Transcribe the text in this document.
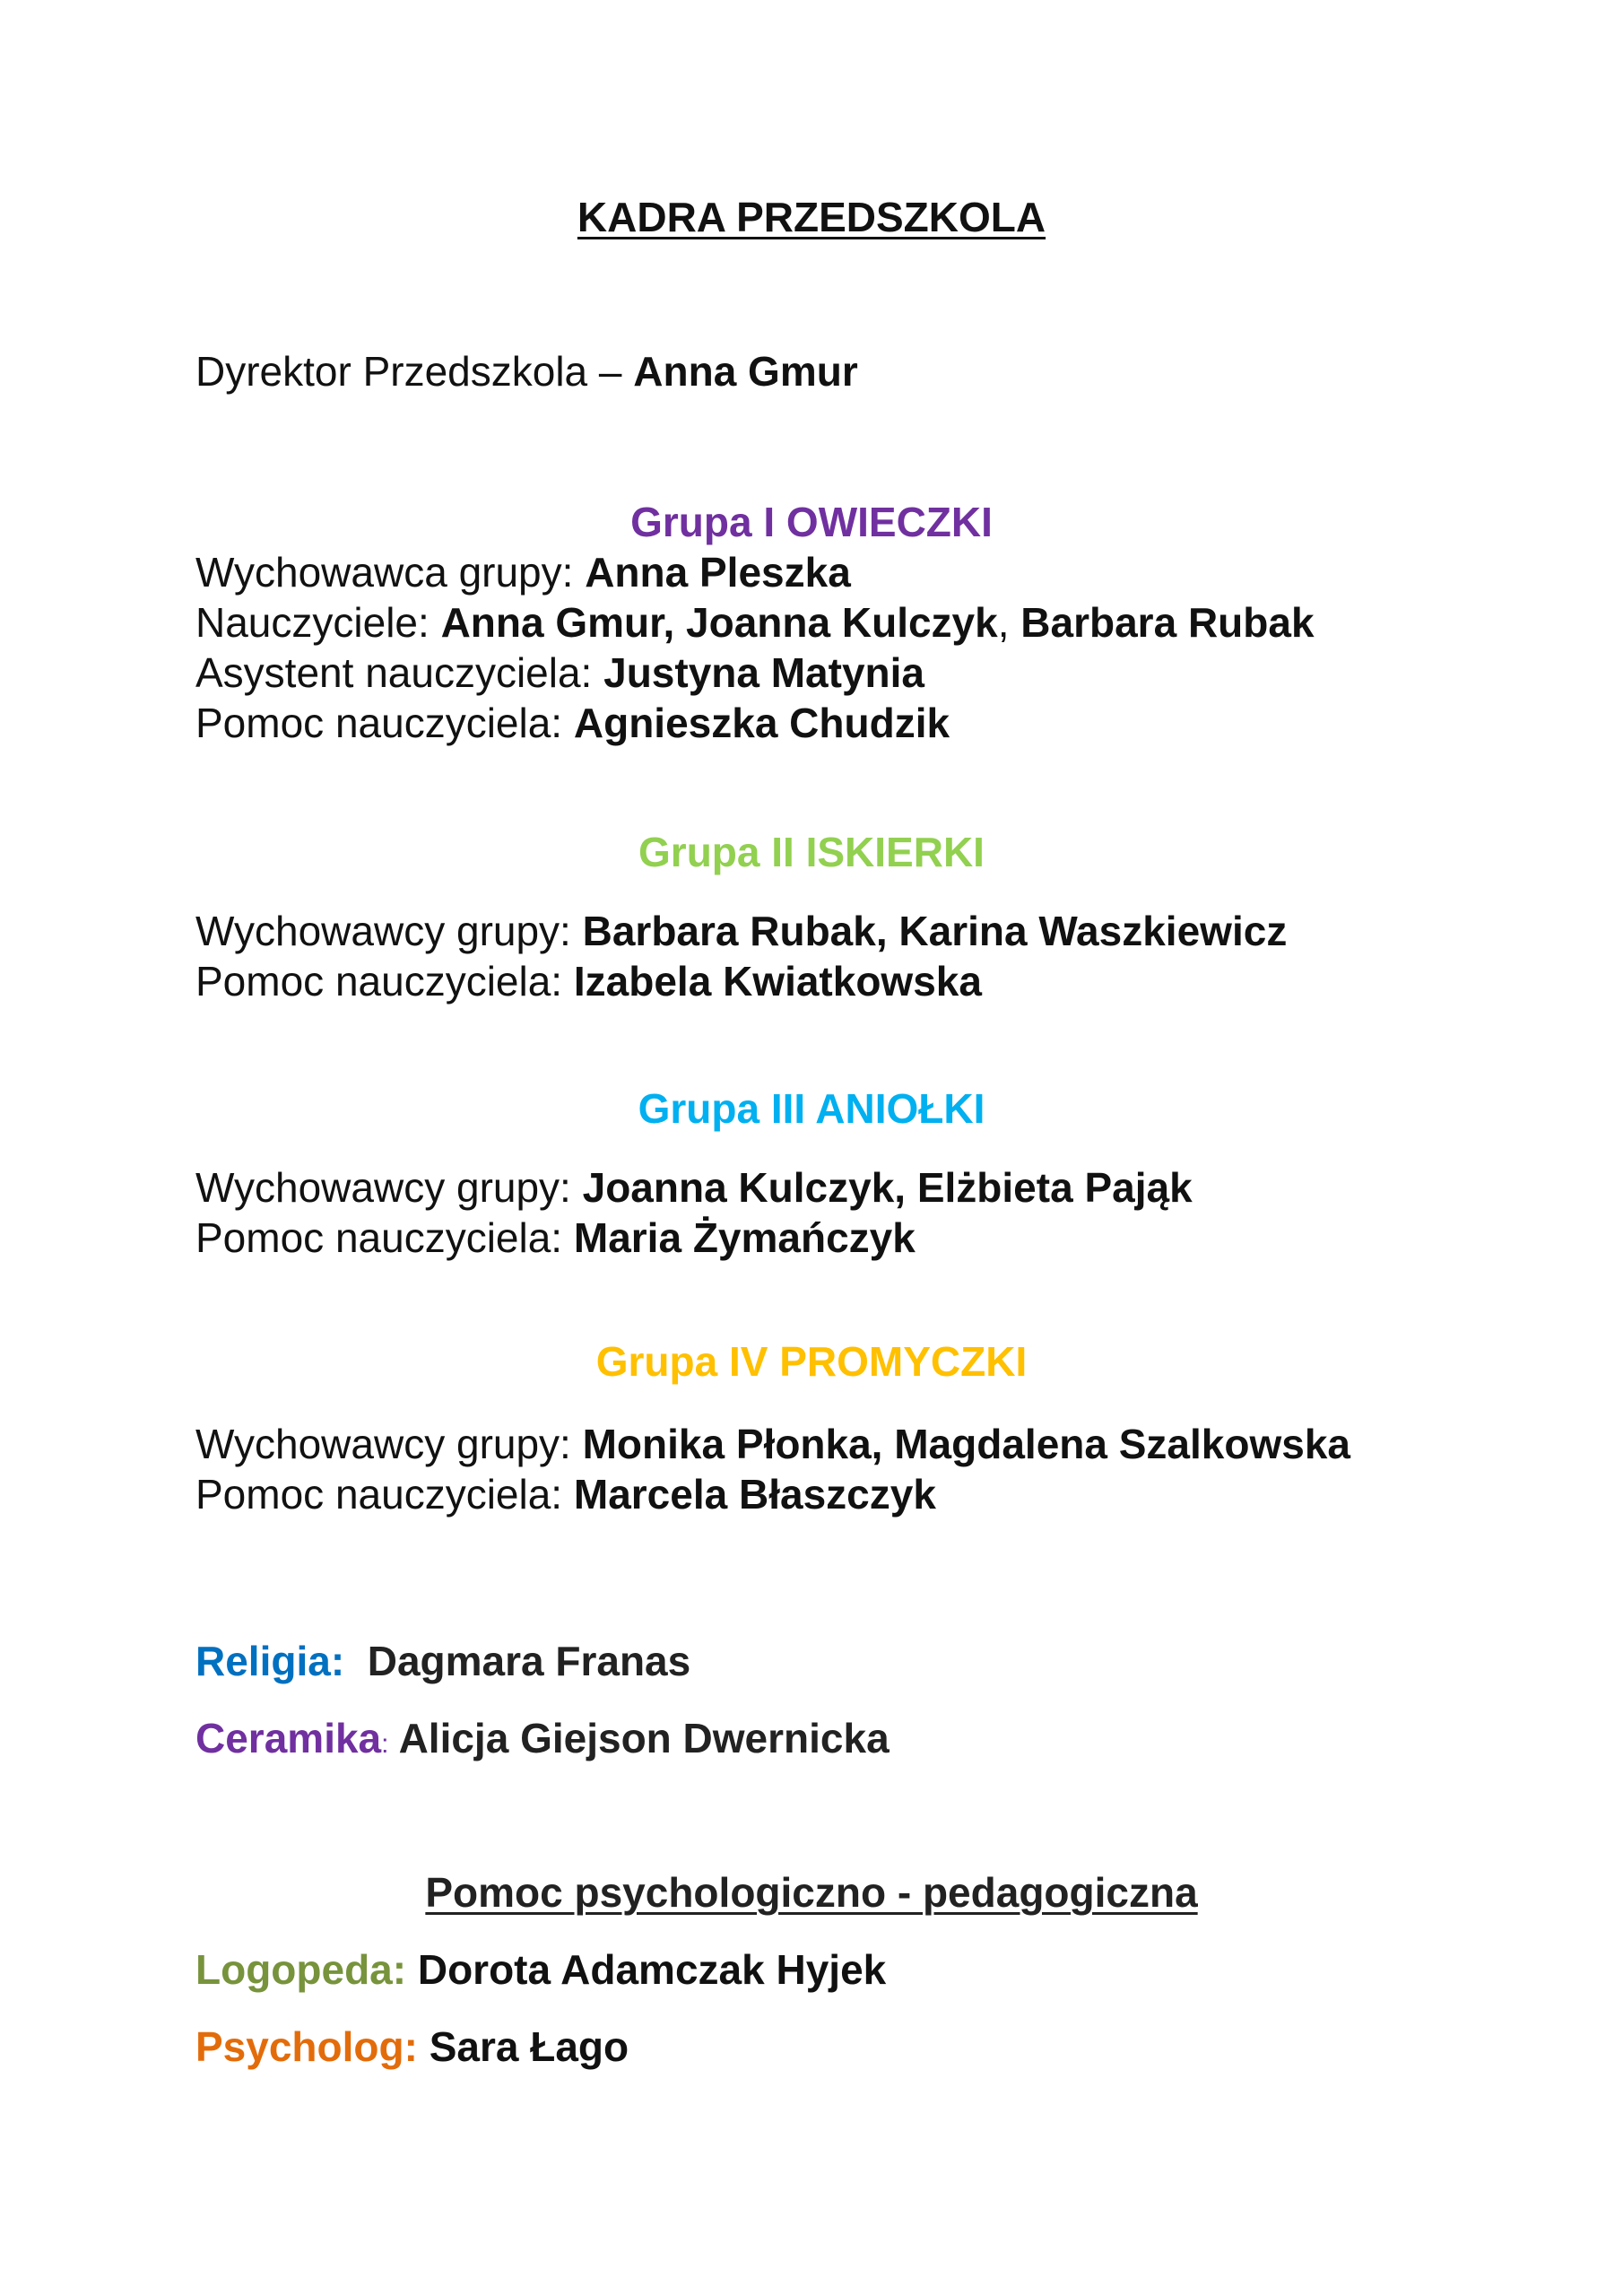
KADRA PRZEDSZKOLA
Dyrektor Przedszkola – Anna Gmur
Grupa I OWIECZKI
Wychowawca grupy: Anna Pleszka
Nauczyciele: Anna Gmur, Joanna Kulczyk, Barbara Rubak
Asystent nauczyciela: Justyna Matynia
Pomoc nauczyciela: Agnieszka Chudzik
Grupa II ISKIERKI
Wychowawcy grupy: Barbara Rubak, Karina Waszkiewicz
Pomoc nauczyciela: Izabela Kwiatkowska
Grupa III ANIOŁKI
Wychowawcy grupy: Joanna Kulczyk, Elżbieta Pająk
Pomoc nauczyciela: Maria Żymańczyk
Grupa IV PROMYCZKI
Wychowawcy grupy: Monika Płonka, Magdalena Szalkowska
Pomoc nauczyciela: Marcela Błaszczyk
Religia: Dagmara Franas
Ceramika: Alicja Giejson Dwernicka
Pomoc psychologiczno - pedagogiczna
Logopeda: Dorota Adamczak Hyjek
Psycholog: Sara Łago
